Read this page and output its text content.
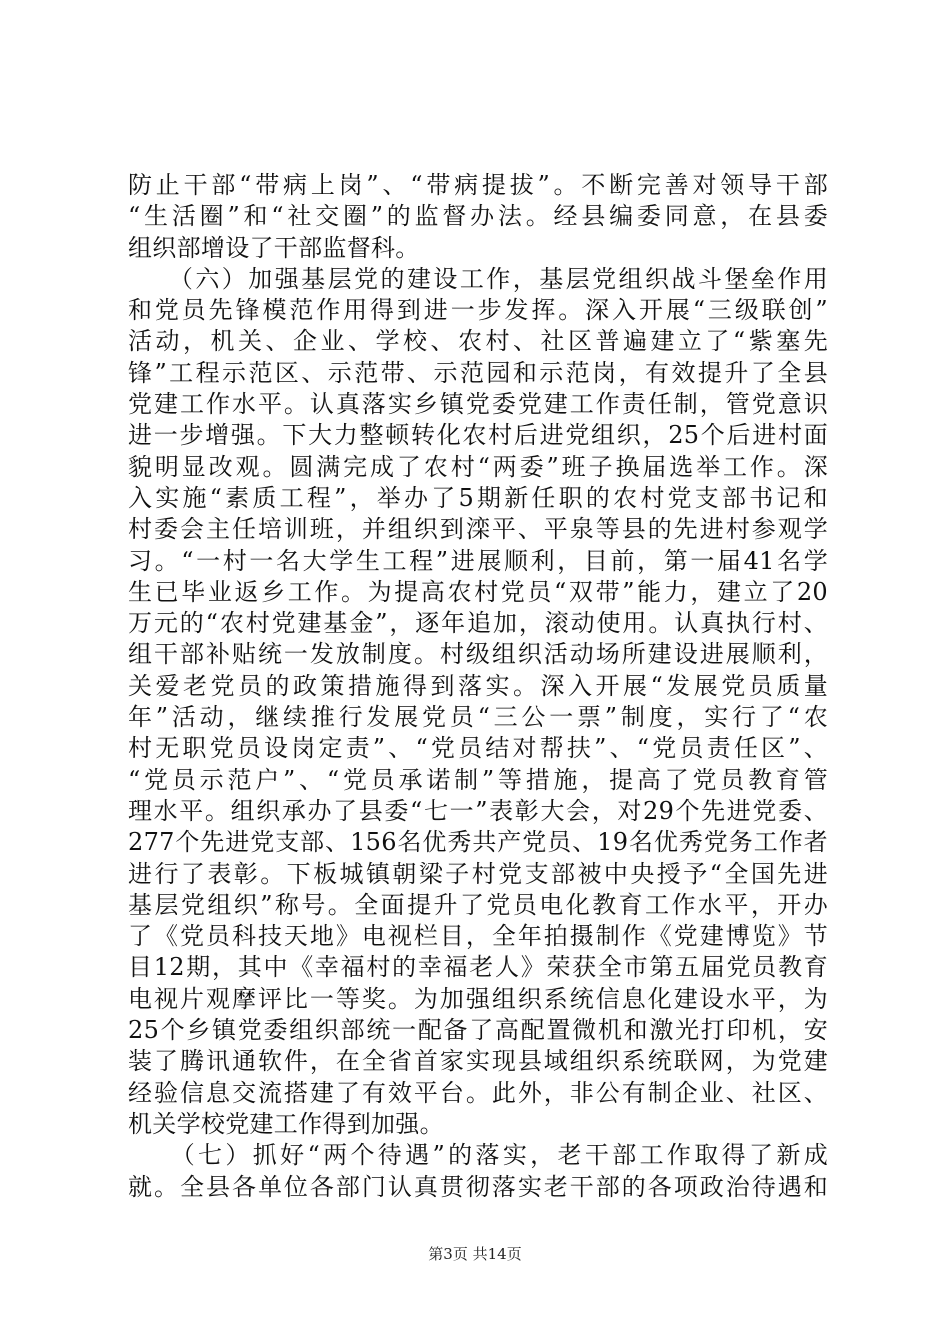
防止干部“带病上岗”、“带病提拔”。不断完善对领导干部
“生活圈”和“社交圈”的监督办法。经县编委同意，在县委
组织部增设了干部监督科。
　　（六）加强基层党的建设工作，基层党组织战斗堡垒作用
和党员先锋模范作用得到进一步发挥。深入开展“三级联创”
活动，机关、企业、学校、农村、社区普遍建立了“紫塞先
锋”工程示范区、示范带、示范园和示范岗，有效提升了全县
党建工作水平。认真落实乡镇党委党建工作责任制，管党意识
进一步增强。下大力整顿转化农村后进党组织，25个后进村面
貌明显改观。圆满完成了农村“两委”班子换届选举工作。深
入实施“素质工程”，举办了5期新任职的农村党支部书记和
村委会主任培训班，并组织到滦平、平泉等县的先进村参观学
习。“一村一名大学生工程”进展顺利，目前，第一届41名学
生已毕业返乡工作。为提高农村党员“双带”能力，建立了20
万元的“农村党建基金”，逐年追加，滚动使用。认真执行村、
组干部补贴统一发放制度。村级组织活动场所建设进展顺利，
关爱老党员的政策措施得到落实。深入开展“发展党员质量
年”活动，继续推行发展党员“三公一票”制度，实行了“农
村无职党员设岗定责”、“党员结对帮扶”、“党员责任区”、
“党员示范户”、“党员承诺制”等措施，提高了党员教育管
理水平。组织承办了县委“七一”表彰大会，对29个先进党委、
277个先进党支部、156名优秀共产党员、19名优秀党务工作者
进行了表彰。下板城镇朝梁子村党支部被中央授予“全国先进
基层党组织”称号。全面提升了党员电化教育工作水平，开办
了《党员科技天地》电视栏目，全年拍摄制作《党建博览》节
目12期，其中《幸福村的幸福老人》荣获全市第五届党员教育
电视片观摩评比一等奖。为加强组织系统信息化建设水平，为
25个乡镇党委组织部统一配备了高配置微机和激光打印机，安
装了腾讯通软件，在全省首家实现县域组织系统联网，为党建
经验信息交流搭建了有效平台。此外，非公有制企业、社区、
机关学校党建工作得到加强。
　　（七）抓好“两个待遇”的落实，老干部工作取得了新成
就。全县各单位各部门认真贯彻落实老干部的各项政治待遇和
第3页 共14页
